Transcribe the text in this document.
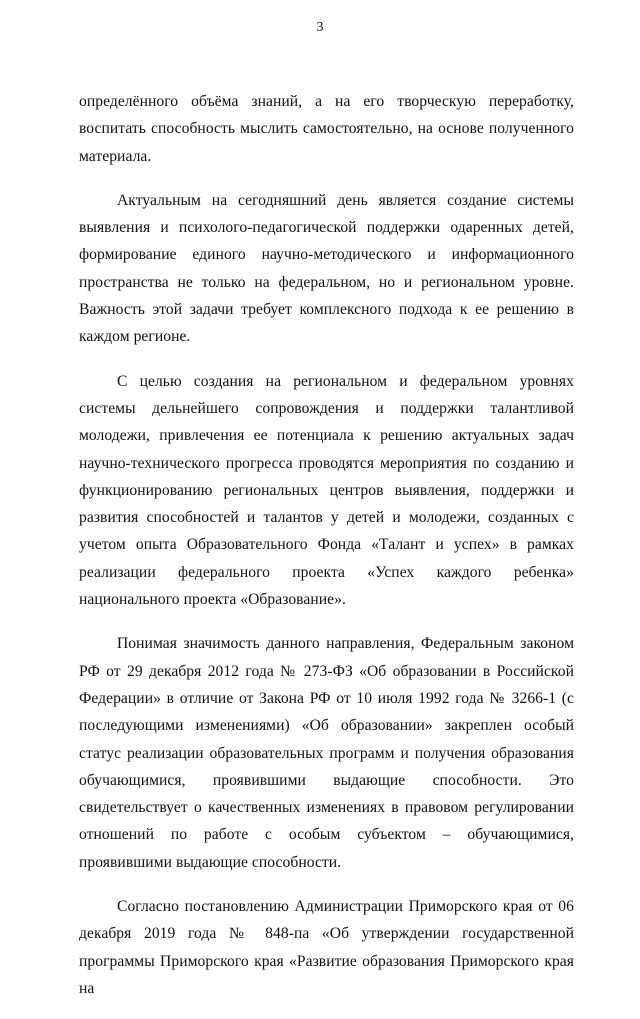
3

определённого объёма знаний, а на его творческую переработку, воспитать способность мыслить самостоятельно, на основе полученного материала.

Актуальным на сегодняшний день является создание системы выявления и психолого-педагогической поддержки одаренных детей, формирование единого научно-методического и информационного пространства не только на федеральном, но и региональном уровне. Важность этой задачи требует комплексного подхода к ее решению в каждом регионе.

С целью создания на региональном и федеральном уровнях системы дельнейшего сопровождения и поддержки талантливой молодежи, привлечения ее потенциала к решению актуальных задач научно-технического прогресса проводятся мероприятия по созданию и функционированию региональных центров выявления, поддержки и развития способностей и талантов у детей и молодежи, созданных с учетом опыта Образовательного Фонда «Талант и успех» в рамках реализации федерального проекта «Успех каждого ребенка» национального проекта «Образование».

Понимая значимость данного направления, Федеральным законом РФ от 29 декабря 2012 года № 273-ФЗ «Об образовании в Российской Федерации» в отличие от Закона РФ от 10 июля 1992 года № 3266-1 (с последующими изменениями) «Об образовании» закреплен особый статус реализации образовательных программ и получения образования обучающимися, проявившими выдающие способности. Это свидетельствует о качественных изменениях в правовом регулировании отношений по работе с особым субъектом – обучающимися, проявившими выдающие способности.

Согласно постановлению Администрации Приморского края от 06 декабря 2019 года № 848-па «Об утверждении государственной программы Приморского края «Развитие образования Приморского края на
